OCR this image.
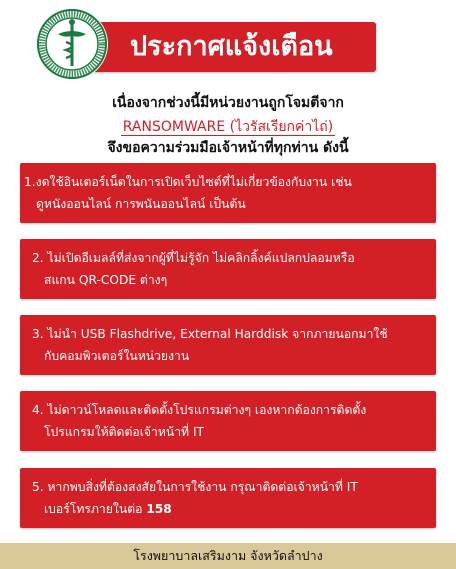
ประกาศแจ้งเตือน
เนื่องจากช่วงนี้มีหน่วยงานถูกโจมตีจาก
RANSOMWARE (ไวรัสเรียกค่าไถ่)
จึงขอความร่วมมือเจ้าหน้าที่ทุกท่าน ดังนี้
1.งดใช้อินเตอร์เน็ตในการเปิดเว็บไซต์ที่ไม่เกี่ยวข้องกับงาน เช่น
ดูหนังออนไลน์ การพนันออนไลน์ เป็นต้น
2. ไม่เปิดอีเมลล์ที่ส่งจากผู้ที่ไม่รู้จัก ไม่คลิกลิ้งค์แปลกปลอมหรือ
สแกน QR-CODE ต่างๆ
3. ไม่นำ USB Flashdrive, External Harddisk จากภายนอกมาใช้
กับคอมพิวเตอร์ในหน่วยงาน
4. ไม่ดาวน์โหลดและติดตั้งโปรแกรมต่างๆ เองหากต้องการติดตั้ง
โปรแกรมให้ติดต่อเจ้าหน้าที่ IT
5. หากพบสิ่งที่ต้องสงสัยในการใช้งาน กรุณาติดต่อเจ้าหน้าที่ IT
เบอร์โทรภายในต่อ 158
โรงพยาบาลเสริมงาม จังหวัดลำปาง
